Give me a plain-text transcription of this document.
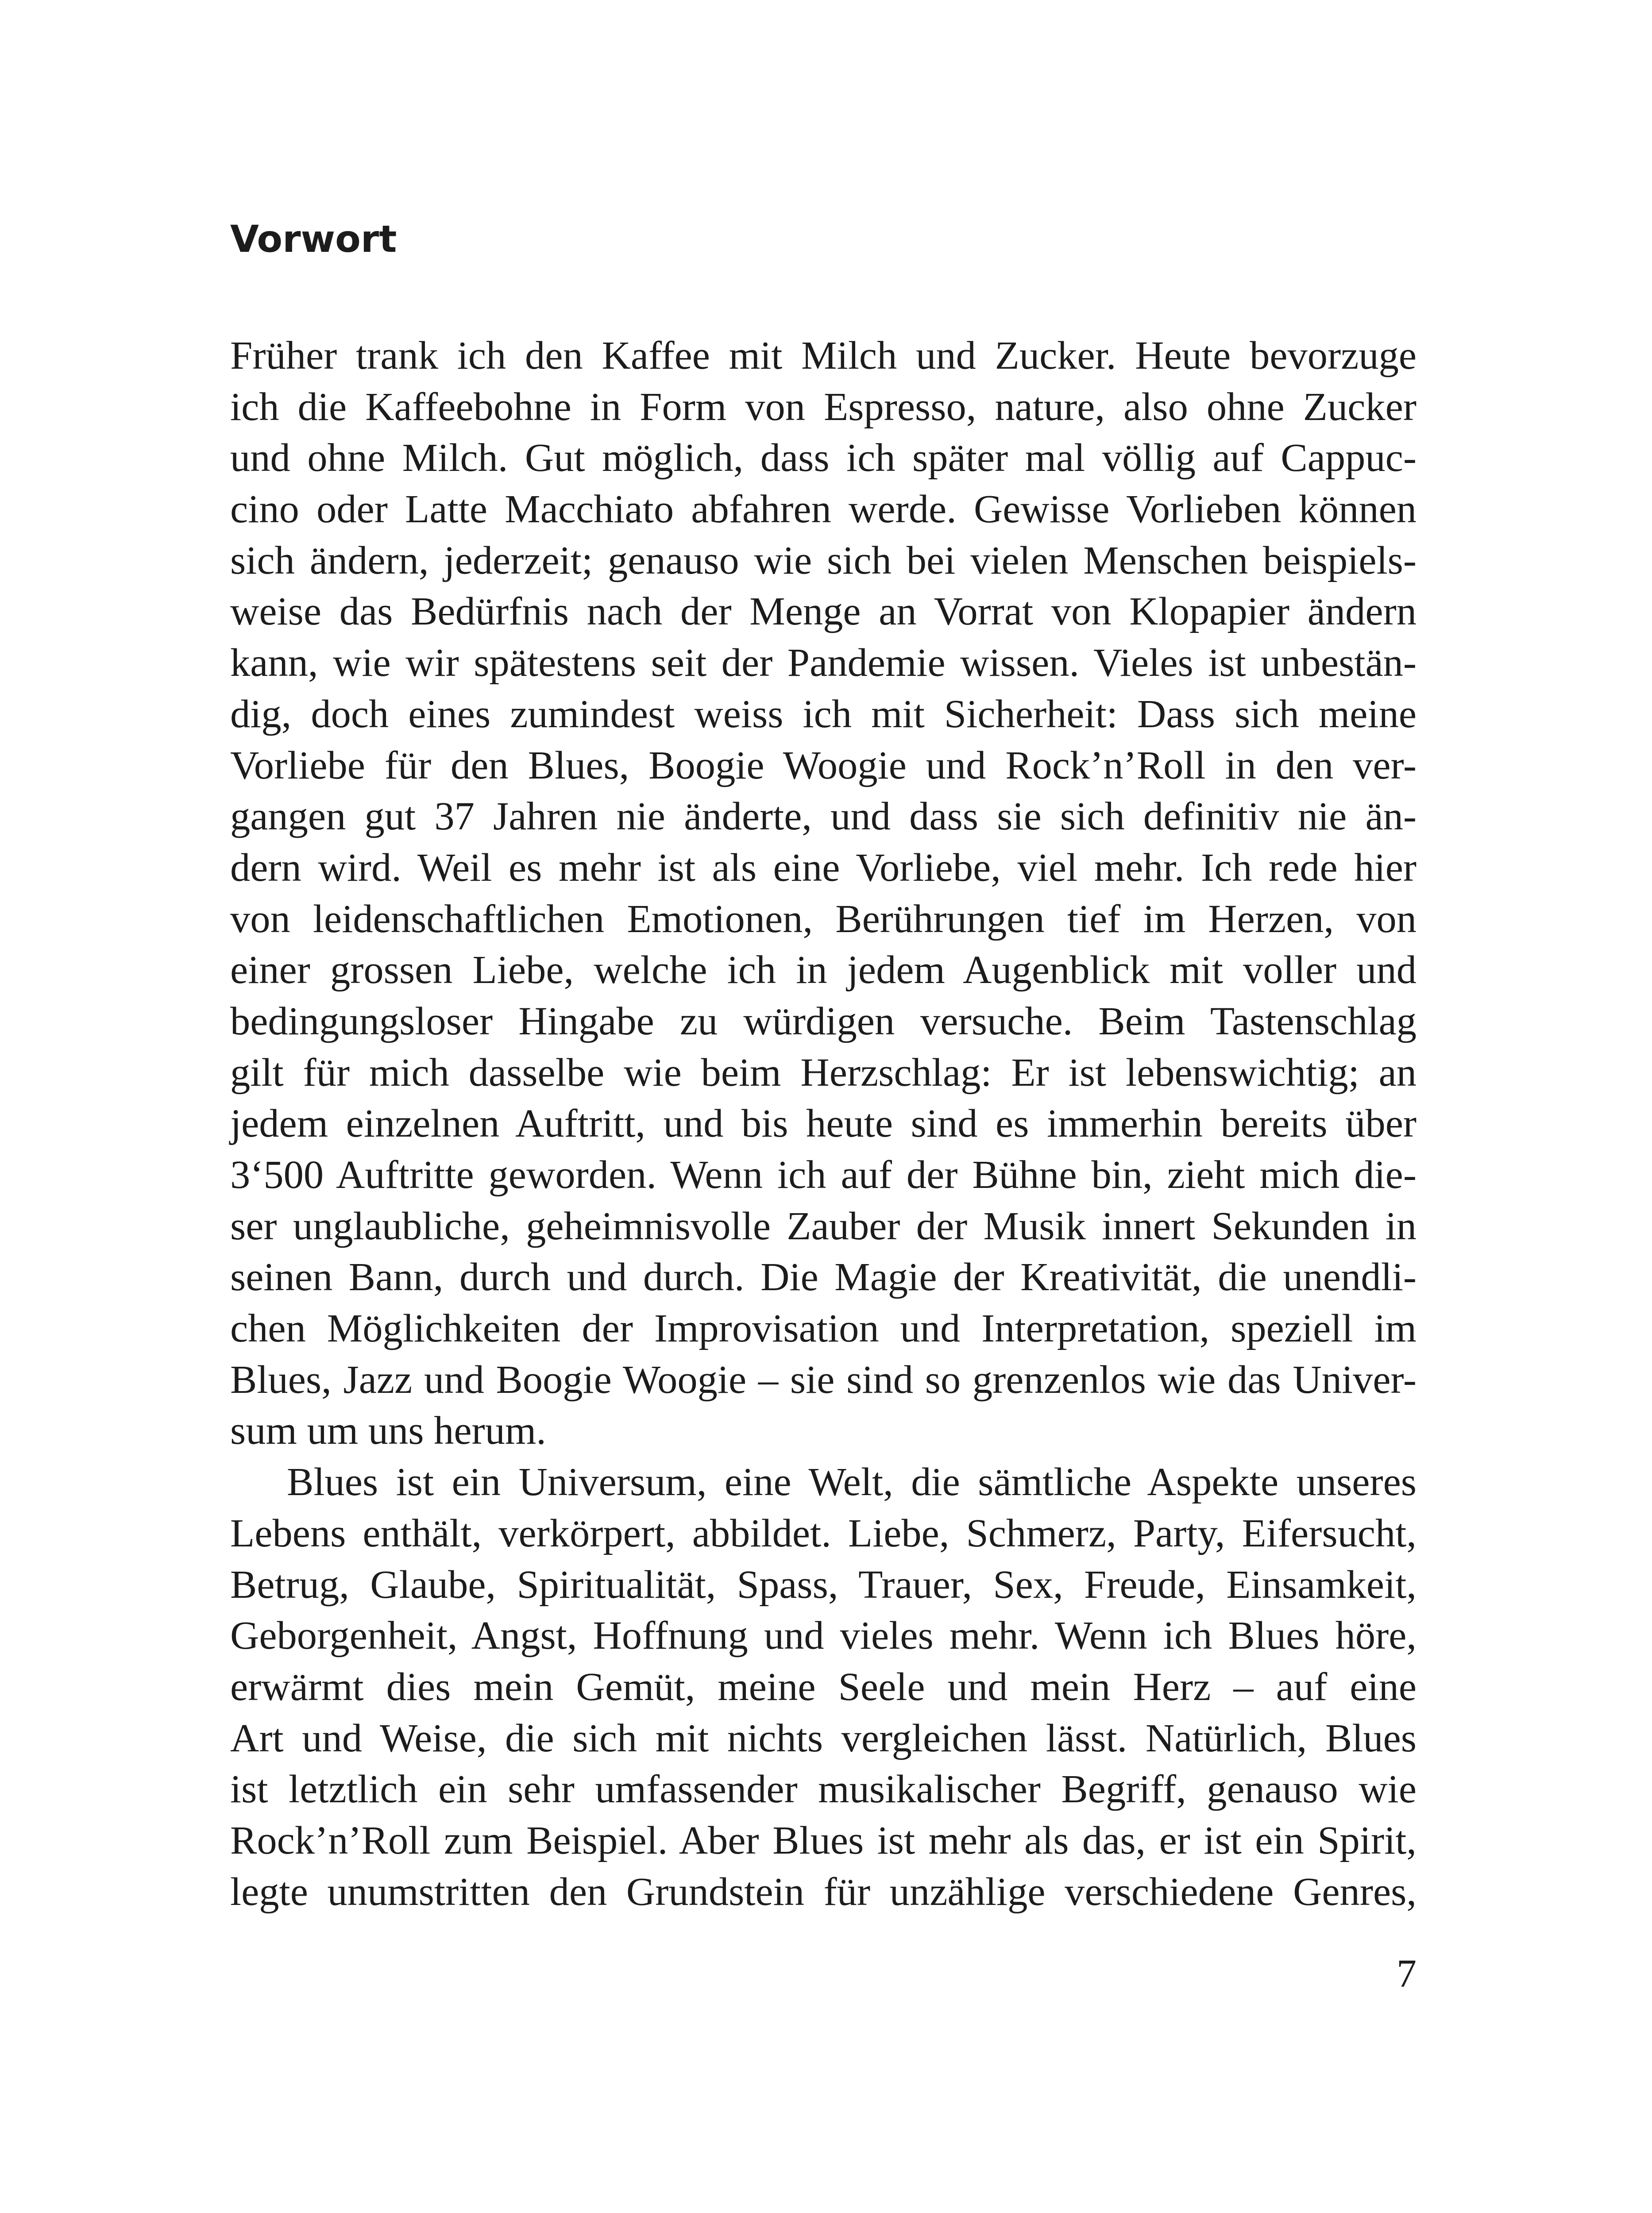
Vorwort
Früher trank ich den Kaffee mit Milch und Zucker. Heute bevorzuge
ich die Kaffeebohne in Form von Espresso, nature, also ohne Zucker
und ohne Milch. Gut möglich, dass ich später mal völlig auf Cappuc-
cino oder Latte Macchiato abfahren werde. Gewisse Vorlieben können
sich ändern, jederzeit; genauso wie sich bei vielen Menschen beispiels-
weise das Bedürfnis nach der Menge an Vorrat von Klopapier ändern
kann, wie wir spätestens seit der Pandemie wissen. Vieles ist unbestän-
dig, doch eines zumindest weiss ich mit Sicherheit: Dass sich meine
Vorliebe für den Blues, Boogie Woogie und Rock’n’Roll in den ver-
gangen gut 37 Jahren nie änderte, und dass sie sich definitiv nie än-
dern wird. Weil es mehr ist als eine Vorliebe, viel mehr. Ich rede hier
von leidenschaftlichen Emotionen, Berührungen tief im Herzen, von
einer grossen Liebe, welche ich in jedem Augenblick mit voller und
bedingungsloser Hingabe zu würdigen versuche. Beim Tastenschlag
gilt für mich dasselbe wie beim Herzschlag: Er ist lebenswichtig; an
jedem einzelnen Auftritt, und bis heute sind es immerhin bereits über
3‘500 Auftritte geworden. Wenn ich auf der Bühne bin, zieht mich die-
ser unglaubliche, geheimnisvolle Zauber der Musik innert Sekunden in
seinen Bann, durch und durch. Die Magie der Kreativität, die unendli-
chen Möglichkeiten der Improvisation und Interpretation, speziell im
Blues, Jazz und Boogie Woogie – sie sind so grenzenlos wie das Univer-
sum um uns herum.
Blues ist ein Universum, eine Welt, die sämtliche Aspekte unseres
Lebens enthält, verkörpert, abbildet. Liebe, Schmerz, Party, Eifersucht,
Betrug, Glaube, Spiritualität, Spass, Trauer, Sex, Freude, Einsamkeit,
Geborgenheit, Angst, Hoffnung und vieles mehr. Wenn ich Blues höre,
erwärmt dies mein Gemüt, meine Seele und mein Herz – auf eine
Art und Weise, die sich mit nichts vergleichen lässt. Natürlich, Blues
ist letztlich ein sehr umfassender musikalischer Begriff, genauso wie
Rock’n’Roll zum Beispiel. Aber Blues ist mehr als das, er ist ein Spirit,
legte unumstritten den Grundstein für unzählige verschiedene Genres,

7
